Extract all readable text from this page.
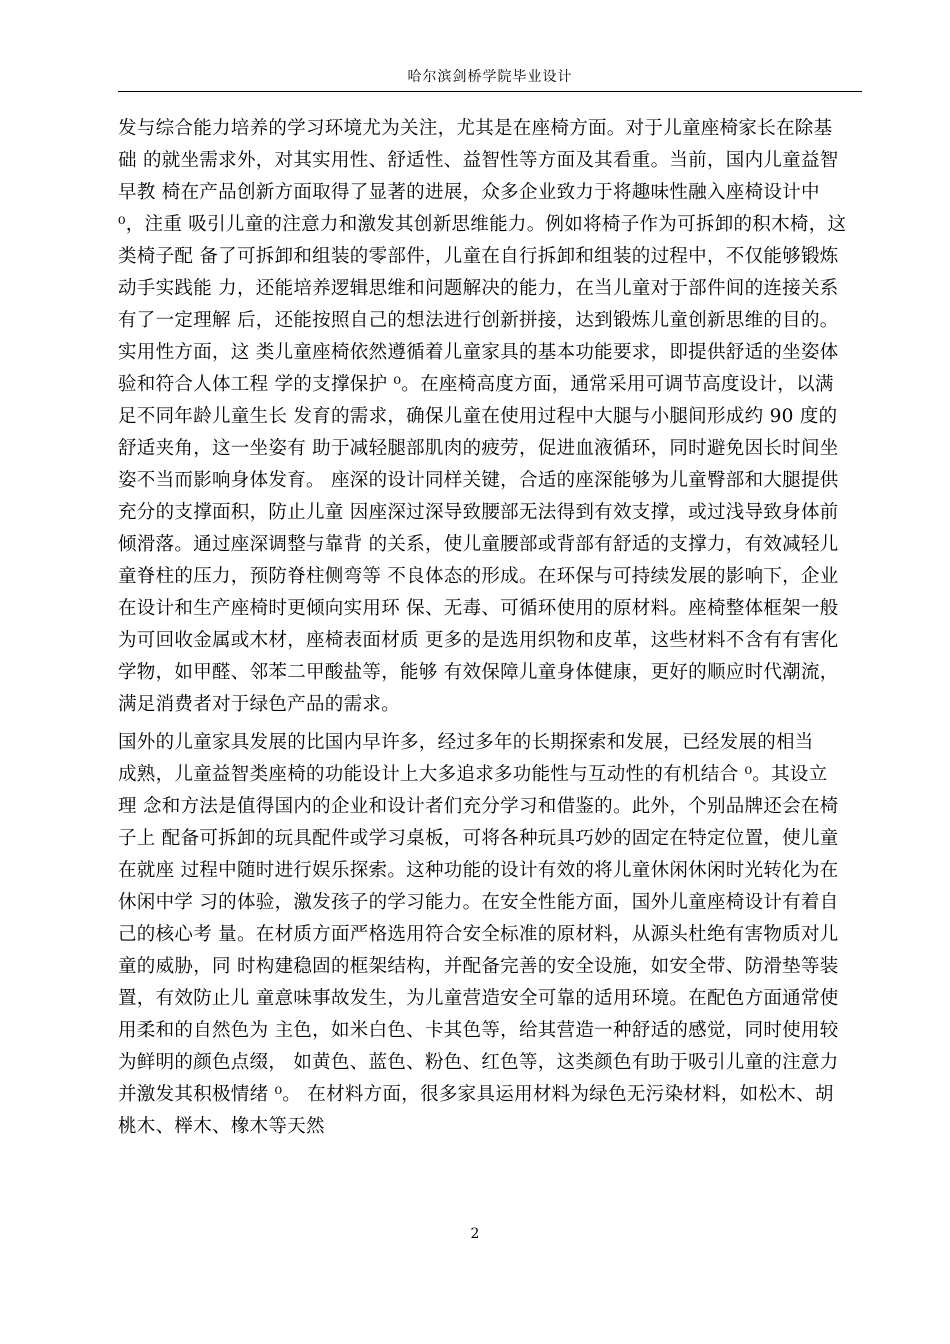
哈尔滨剑桥学院毕业设计
发与综合能力培养的学习环境尤为关注，尤其是在座椅方面。对于儿童座椅家长在除基
础 的就坐需求外，对其实用性、舒适性、益智性等方面及其看重。当前，国内儿童益智
早教 椅在产品创新方面取得了显著的进展，众多企业致力于将趣味性融入座椅设计中
⁰，注重 吸引儿童的注意力和激发其创新思维能力。例如将椅子作为可拆卸的积木椅，这
类椅子配 备了可拆卸和组装的零部件，儿童在自行拆卸和组装的过程中，不仅能够锻炼
动手实践能 力，还能培养逻辑思维和问题解决的能力，在当儿童对于部件间的连接关系
有了一定理解 后，还能按照自己的想法进行创新拼接，达到锻炼儿童创新思维的目的。
实用性方面，这 类儿童座椅依然遵循着儿童家具的基本功能要求，即提供舒适的坐姿体
验和符合人体工程 学的支撑保护 ⁰。在座椅高度方面，通常采用可调节高度设计，以满
足不同年龄儿童生长 发育的需求，确保儿童在使用过程中大腿与小腿间形成约 90 度的
舒适夹角，这一坐姿有 助于减轻腿部肌肉的疲劳，促进血液循环，同时避免因长时间坐
姿不当而影响身体发育。 座深的设计同样关键，合适的座深能够为儿童臀部和大腿提供
充分的支撑面积，防止儿童 因座深过深导致腰部无法得到有效支撑，或过浅导致身体前
倾滑落。通过座深调整与靠背 的关系，使儿童腰部或背部有舒适的支撑力，有效减轻儿
童脊柱的压力，预防脊柱侧弯等 不良体态的形成。在环保与可持续发展的影响下，企业
在设计和生产座椅时更倾向实用环 保、无毒、可循环使用的原材料。座椅整体框架一般
为可回收金属或木材，座椅表面材质 更多的是选用织物和皮革，这些材料不含有有害化
学物，如甲醛、邻苯二甲酸盐等，能够 有效保障儿童身体健康，更好的顺应时代潮流，
满足消费者对于绿色产品的需求。
国外的儿童家具发展的比国内早许多，经过多年的长期探索和发展，已经发展的相当
成熟，儿童益智类座椅的功能设计上大多追求多功能性与互动性的有机结合 ⁰。其设立
理 念和方法是值得国内的企业和设计者们充分学习和借鉴的。此外，个别品牌还会在椅
子上 配备可拆卸的玩具配件或学习桌板，可将各种玩具巧妙的固定在特定位置，使儿童
在就座 过程中随时进行娱乐探索。这种功能的设计有效的将儿童休闲休闲时光转化为在
休闲中学 习的体验，激发孩子的学习能力。在安全性能方面，国外儿童座椅设计有着自
己的核心考 量。在材质方面严格选用符合安全标准的原材料，从源头杜绝有害物质对儿
童的威胁，同 时构建稳固的框架结构，并配备完善的安全设施，如安全带、防滑垫等装
置，有效防止儿 童意味事故发生，为儿童营造安全可靠的适用环境。在配色方面通常使
用柔和的自然色为 主色，如米白色、卡其色等，给其营造一种舒适的感觉，同时使用较
为鲜明的颜色点缀， 如黄色、蓝色、粉色、红色等，这类颜色有助于吸引儿童的注意力
并激发其积极情绪 ⁰。 在材料方面，很多家具运用材料为绿色无污染材料，如松木、胡
桃木、榉木、橡木等天然
2
